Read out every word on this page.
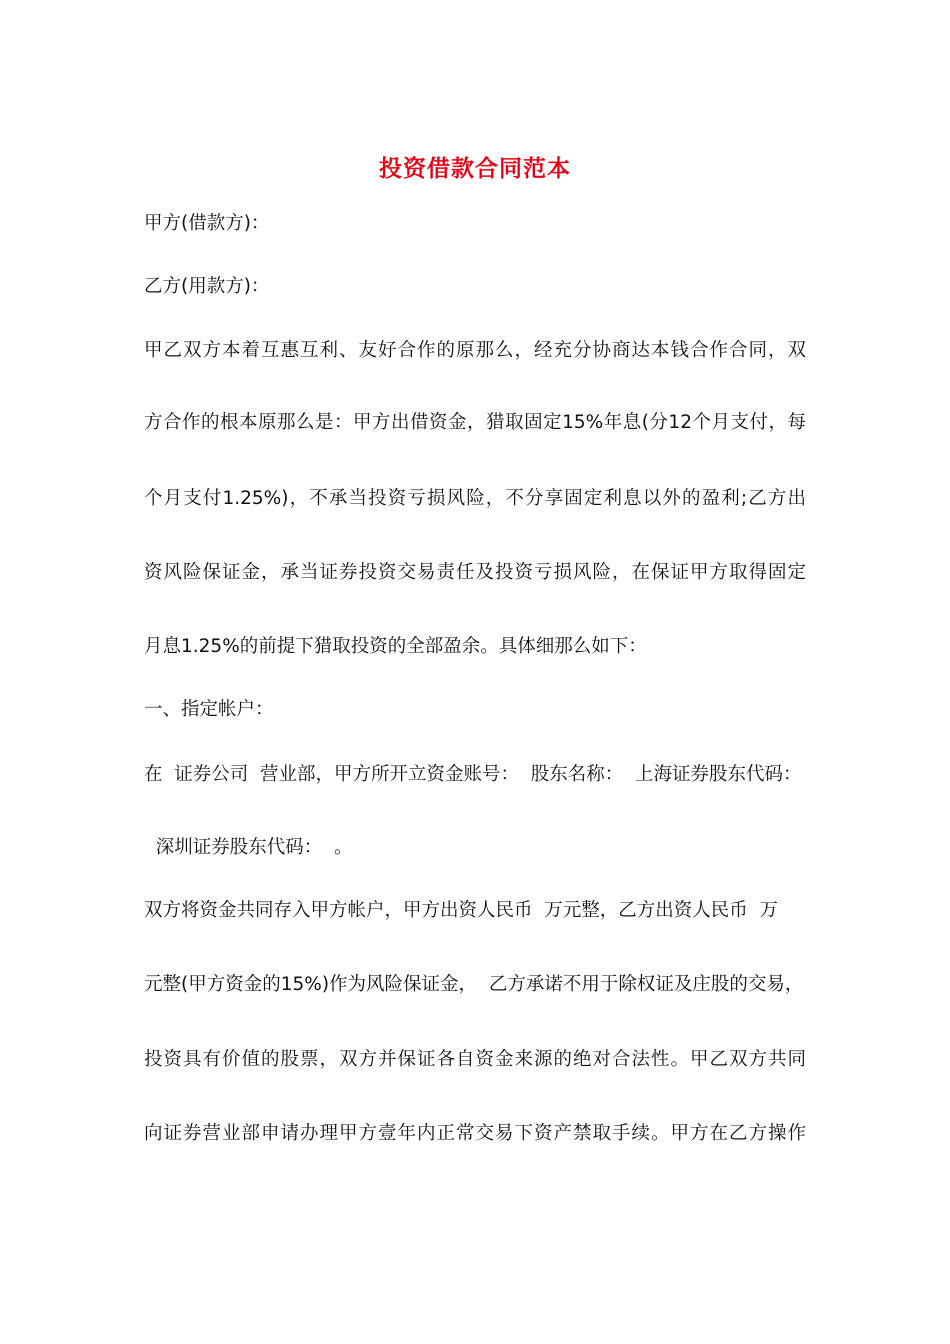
投资借款合同范本
甲方(借款方)：
乙方(用款方)：
甲乙双方本着互惠互利、友好合作的原那么，经充分协商达本钱合作合同，双
方合作的根本原那么是：甲方出借资金，猎取固定15%年息(分12个月支付，每
个月支付1.25%)，不承当投资亏损风险，不分享固定利息以外的盈利;乙方出
资风险保证金，承当证券投资交易责任及投资亏损风险，在保证甲方取得固定
月息1.25%的前提下猎取投资的全部盈余。具体细那么如下：
一、指定帐户：
在  证券公司  营业部，甲方所开立资金账号：  股东名称：  上海证券股东代码：
深圳证券股东代码：  。
双方将资金共同存入甲方帐户，甲方出资人民币  万元整，乙方出资人民币  万
元整(甲方资金的15%)作为风险保证金，  乙方承诺不用于除权证及庄股的交易，
投资具有价值的股票，双方并保证各自资金来源的绝对合法性。甲乙双方共同
向证券营业部申请办理甲方壹年内正常交易下资产禁取手续。甲方在乙方操作
